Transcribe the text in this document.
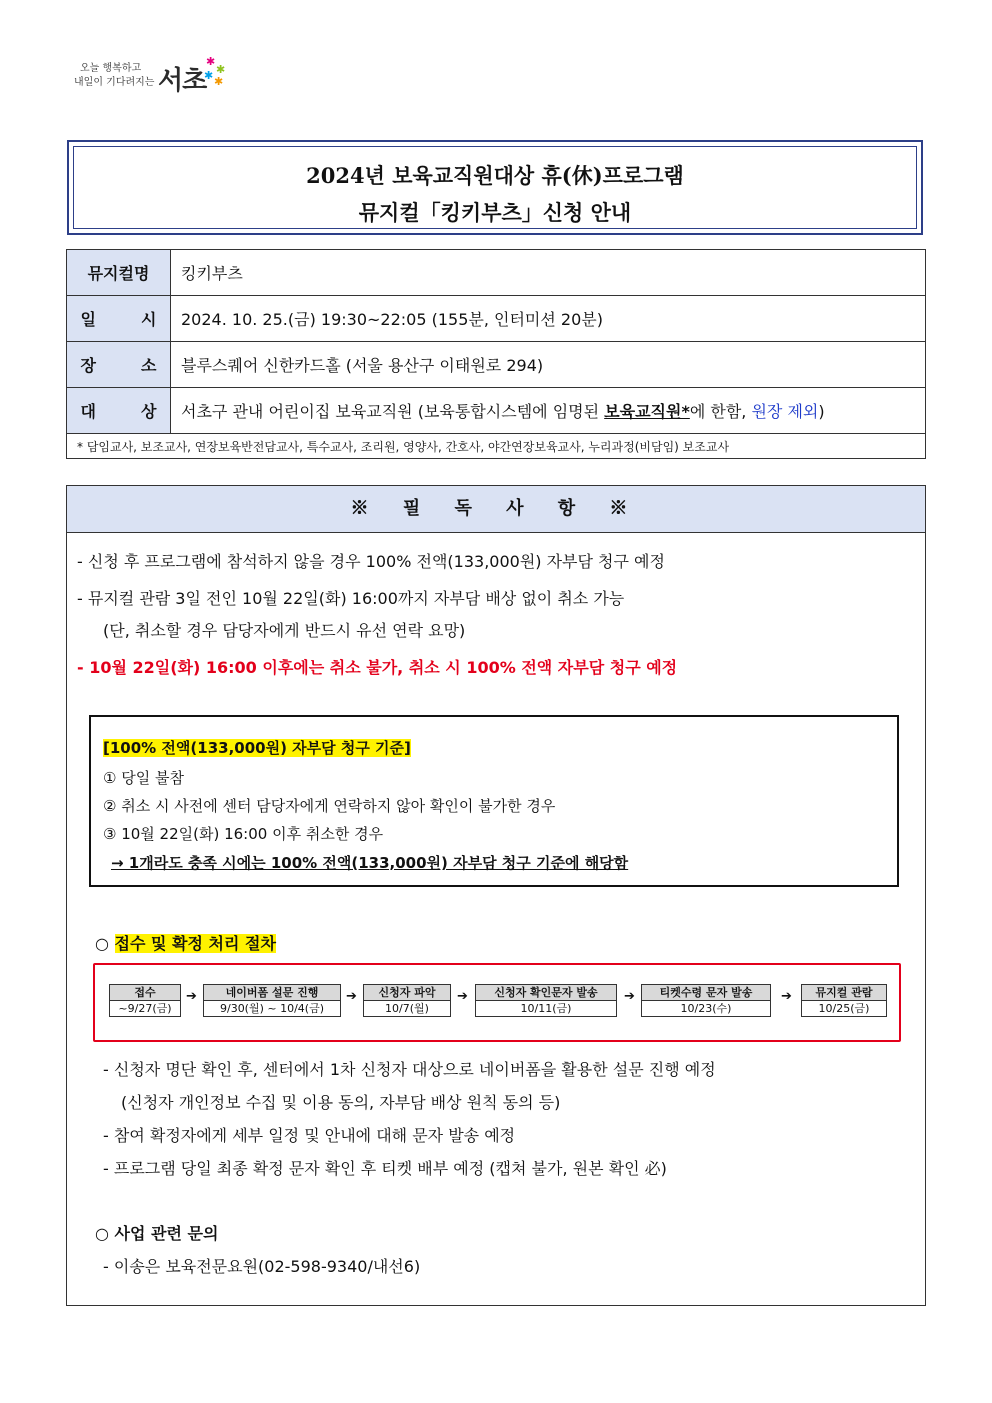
오늘 행복하고
내일이 기다려지는 서초
✱
✱
✱ ✱
2024년 보육교직원대상 휴(休)프로그램
뮤지컬「킹키부츠」신청 안내
뮤지컬명	킹키부츠
일 시	2024. 10. 25.(금) 19:30~22:05 (155분, 인터미션 20분)
장 소	블루스퀘어 신한카드홀 (서울 용산구 이태원로 294)
대 상	서초구 관내 어린이집 보육교직원 (보육통합시스템에 임명된 보육교직원*에 한함, 원장 제외)
* 담임교사, 보조교사, 연장보육반전담교사, 특수교사, 조리원, 영양사, 간호사, 야간연장보육교사, 누리과정(비담임) 보조교사	
※ 필 독 사 항 ※
- 신청 후 프로그램에 참석하지 않을 경우 100% 전액(133,000원) 자부담 청구 예정
- 뮤지컬 관람 3일 전인 10월 22일(화) 16:00까지 자부담 배상 없이 취소 가능
(단, 취소할 경우 담당자에게 반드시 유선 연락 요망)
- 10월 22일(화) 16:00 이후에는 취소 불가, 취소 시 100% 전액 자부담 청구 예정
[100% 전액(133,000원) 자부담 청구 기준]
① 당일 불참
② 취소 시 사전에 센터 담당자에게 연락하지 않아 확인이 불가한 경우
③ 10월 22일(화) 16:00 이후 취소한 경우
→ 1개라도 충족 시에는 100% 전액(133,000원) 자부담 청구 기준에 해당함
○ 접수 및 확정 처리 절차
접수
~9/27(금)
➔	네이버폼 설문 진행
9/30(월) ~ 10/4(금)
➔	신청자 파악
10/7(월)
➔	신청자 확인문자 발송
10/11(금)
➔	티켓수령 문자 발송
10/23(수)
➔	뮤지컬 관람
10/25(금)
- 신청자 명단 확인 후, 센터에서 1차 신청자 대상으로 네이버폼을 활용한 설문 진행 예정
(신청자 개인정보 수집 및 이용 동의, 자부담 배상 원칙 동의 등)
- 참여 확정자에게 세부 일정 및 안내에 대해 문자 발송 예정
- 프로그램 당일 최종 확정 문자 확인 후 티켓 배부 예정 (캡쳐 불가, 원본 확인 必)
○ 사업 관련 문의
- 이송은 보육전문요원(02-598-9340/내선6)
